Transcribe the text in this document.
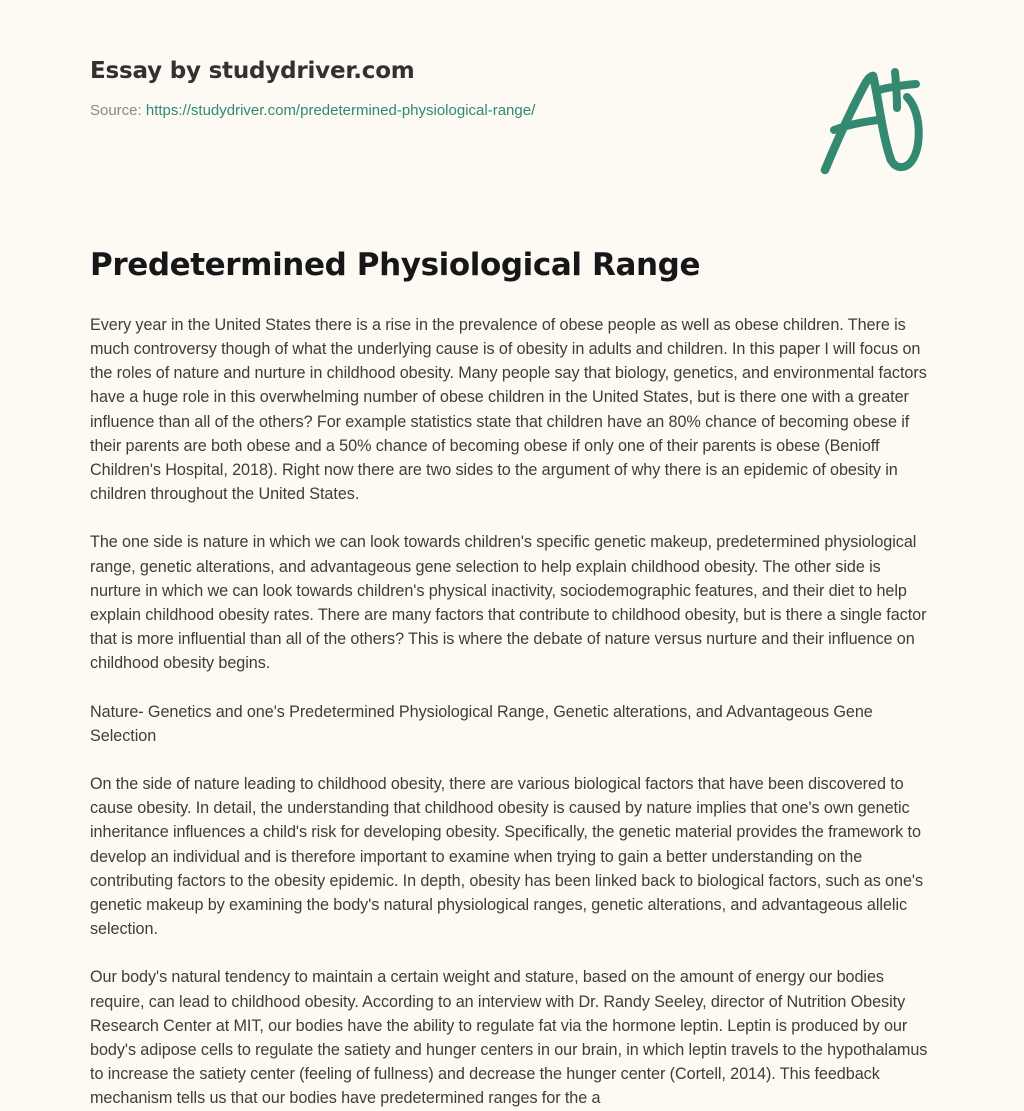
Essay by studydriver.com
Source: https://studydriver.com/predetermined-physiological-range/
Predetermined Physiological Range

Every year in the United States there is a rise in the prevalence of obese people as well as obese children. There is much controversy though of what the underlying cause is of obesity in adults and children. In this paper I will focus on the roles of nature and nurture in childhood obesity. Many people say that biology, genetics, and environmental factors have a huge role in this overwhelming number of obese children in the United States, but is there one with a greater influence than all of the others? For example statistics state that children have an 80% chance of becoming obese if their parents are both obese and a 50% chance of becoming obese if only one of their parents is obese (Benioff Children's Hospital, 2018). Right now there are two sides to the argument of why there is an epidemic of obesity in children throughout the United States.

The one side is nature in which we can look towards children's specific genetic makeup, predetermined physiological range, genetic alterations, and advantageous gene selection to help explain childhood obesity. The other side is nurture in which we can look towards children's physical inactivity, sociodemographic features, and their diet to help explain childhood obesity rates. There are many factors that contribute to childhood obesity, but is there a single factor that is more influential than all of the others? This is where the debate of nature versus nurture and their influence on childhood obesity begins.

Nature- Genetics and one's Predetermined Physiological Range, Genetic alterations, and Advantageous Gene Selection

On the side of nature leading to childhood obesity, there are various biological factors that have been discovered to cause obesity. In detail, the understanding that childhood obesity is caused by nature implies that one's own genetic inheritance influences a child's risk for developing obesity. Specifically, the genetic material provides the framework to develop an individual and is therefore important to examine when trying to gain a better understanding on the contributing factors to the obesity epidemic. In depth, obesity has been linked back to biological factors, such as one's genetic makeup by examining the body's natural physiological ranges, genetic alterations, and advantageous allelic selection.

Our body's natural tendency to maintain a certain weight and stature, based on the amount of energy our bodies require, can lead to childhood obesity. According to an interview with Dr. Randy Seeley, director of Nutrition Obesity Research Center at MIT, our bodies have the ability to regulate fat via the hormone leptin. Leptin is produced by our body's adipose cells to regulate the satiety and hunger centers in our brain, in which leptin travels to the hypothalamus to increase the satiety center (feeling of fullness) and decrease the hunger center (Cortell, 2014). This feedback mechanism tells us that our bodies have predetermined ranges for the a
